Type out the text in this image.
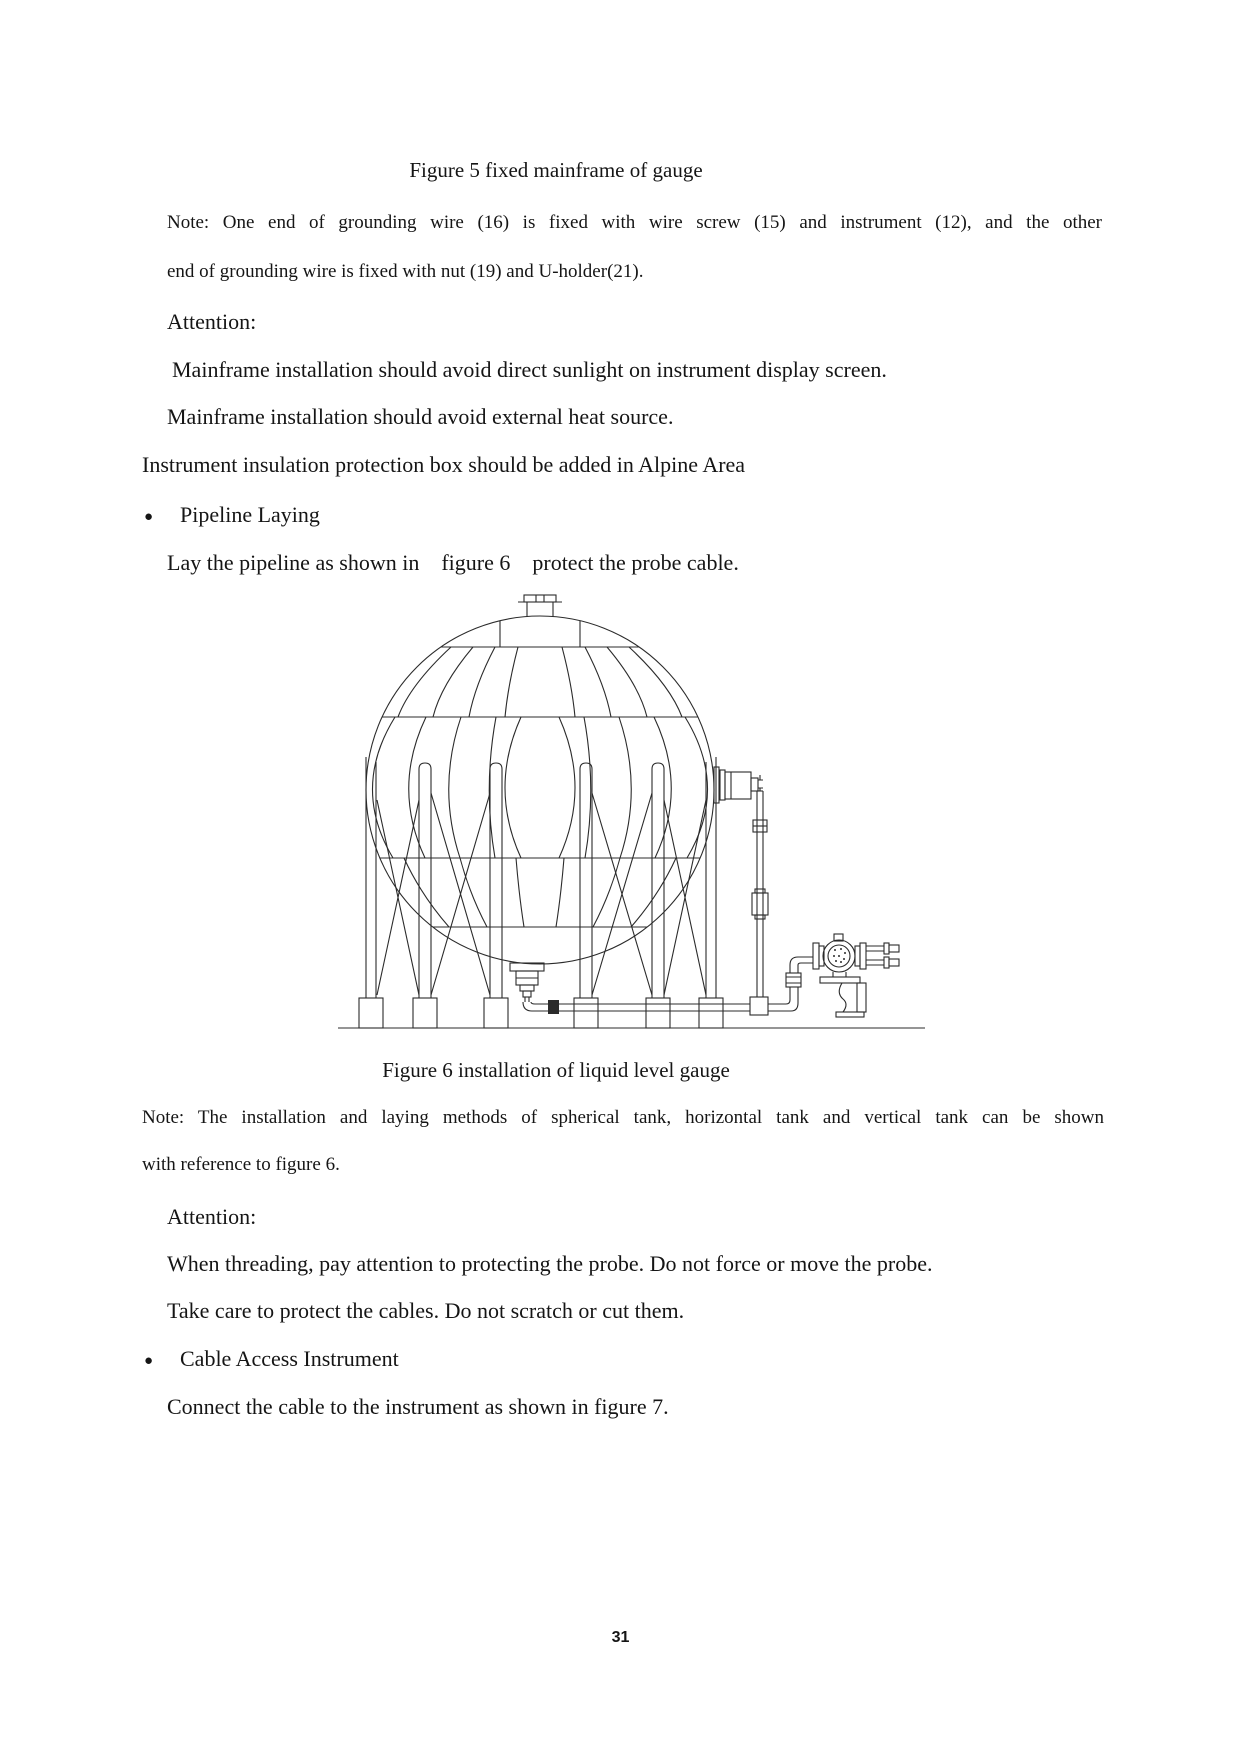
Figure 5 fixed mainframe of gauge
Note: One end of grounding wire (16) is fixed with wire screw (15) and instrument (12), and the other
end of grounding wire is fixed with nut (19) and U-holder(21).
Attention:
Mainframe installation should avoid direct sunlight on instrument display screen.
Mainframe installation should avoid external heat source.
Instrument insulation protection box should be added in Alpine Area
● Pipeline Laying
Lay the pipeline as shown in    figure 6    protect the probe cable.
Figure 6 installation of liquid level gauge
Note: The installation and laying methods of spherical tank, horizontal tank and vertical tank can be shown
with reference to figure 6.
Attention:
When threading, pay attention to protecting the probe. Do not force or move the probe.
Take care to protect the cables. Do not scratch or cut them.
● Cable Access Instrument
Connect the cable to the instrument as shown in figure 7.
31
